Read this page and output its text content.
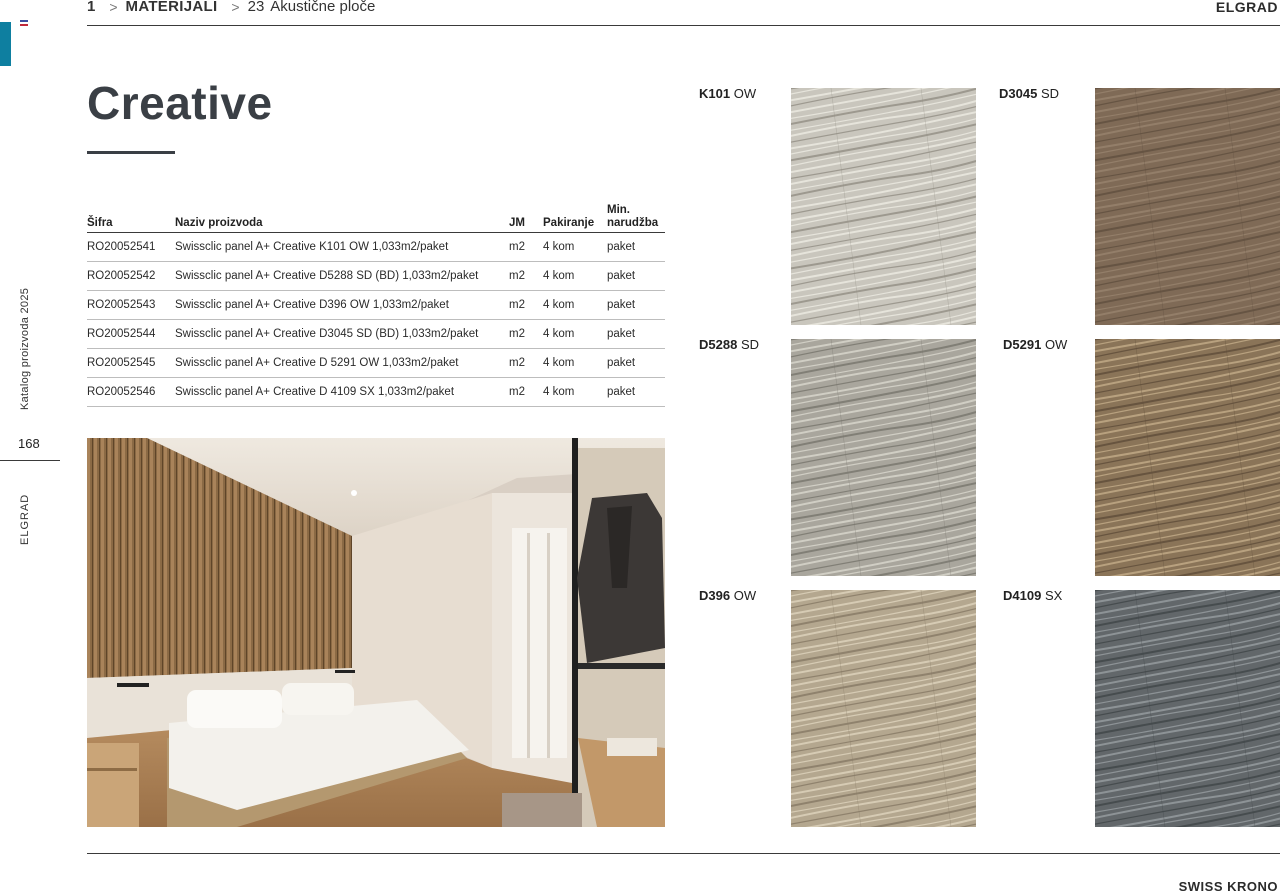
1 > MATERIJALI > 23 Akustične ploče	ELGRAD
Katalog proizvoda 2025
168
ELGRAD
Creative
Šifra	Naziv proizvoda	JM	Pakiranje	Min.
narudžba

RO20052541	Swissclic panel A+ Creative K101 OW 1,033m2/paket	m2	4 kom	paket
RO20052542	Swissclic panel A+ Creative D5288 SD (BD) 1,033m2/paket	m2	4 kom	paket
RO20052543	Swissclic panel A+ Creative D396 OW 1,033m2/paket	m2	4 kom	paket
RO20052544	Swissclic panel A+ Creative D3045 SD (BD) 1,033m2/paket	m2	4 kom	paket
RO20052545	Swissclic panel A+ Creative D 5291 OW 1,033m2/paket	m2	4 kom	paket
RO20052546	Swissclic panel A+ Creative D 4109 SX 1,033m2/paket	m2	4 kom	paket
K101 OW	D3045 SD
D5288 SD	D5291 OW
D396 OW	D4109 SX
SWISS KRONO
